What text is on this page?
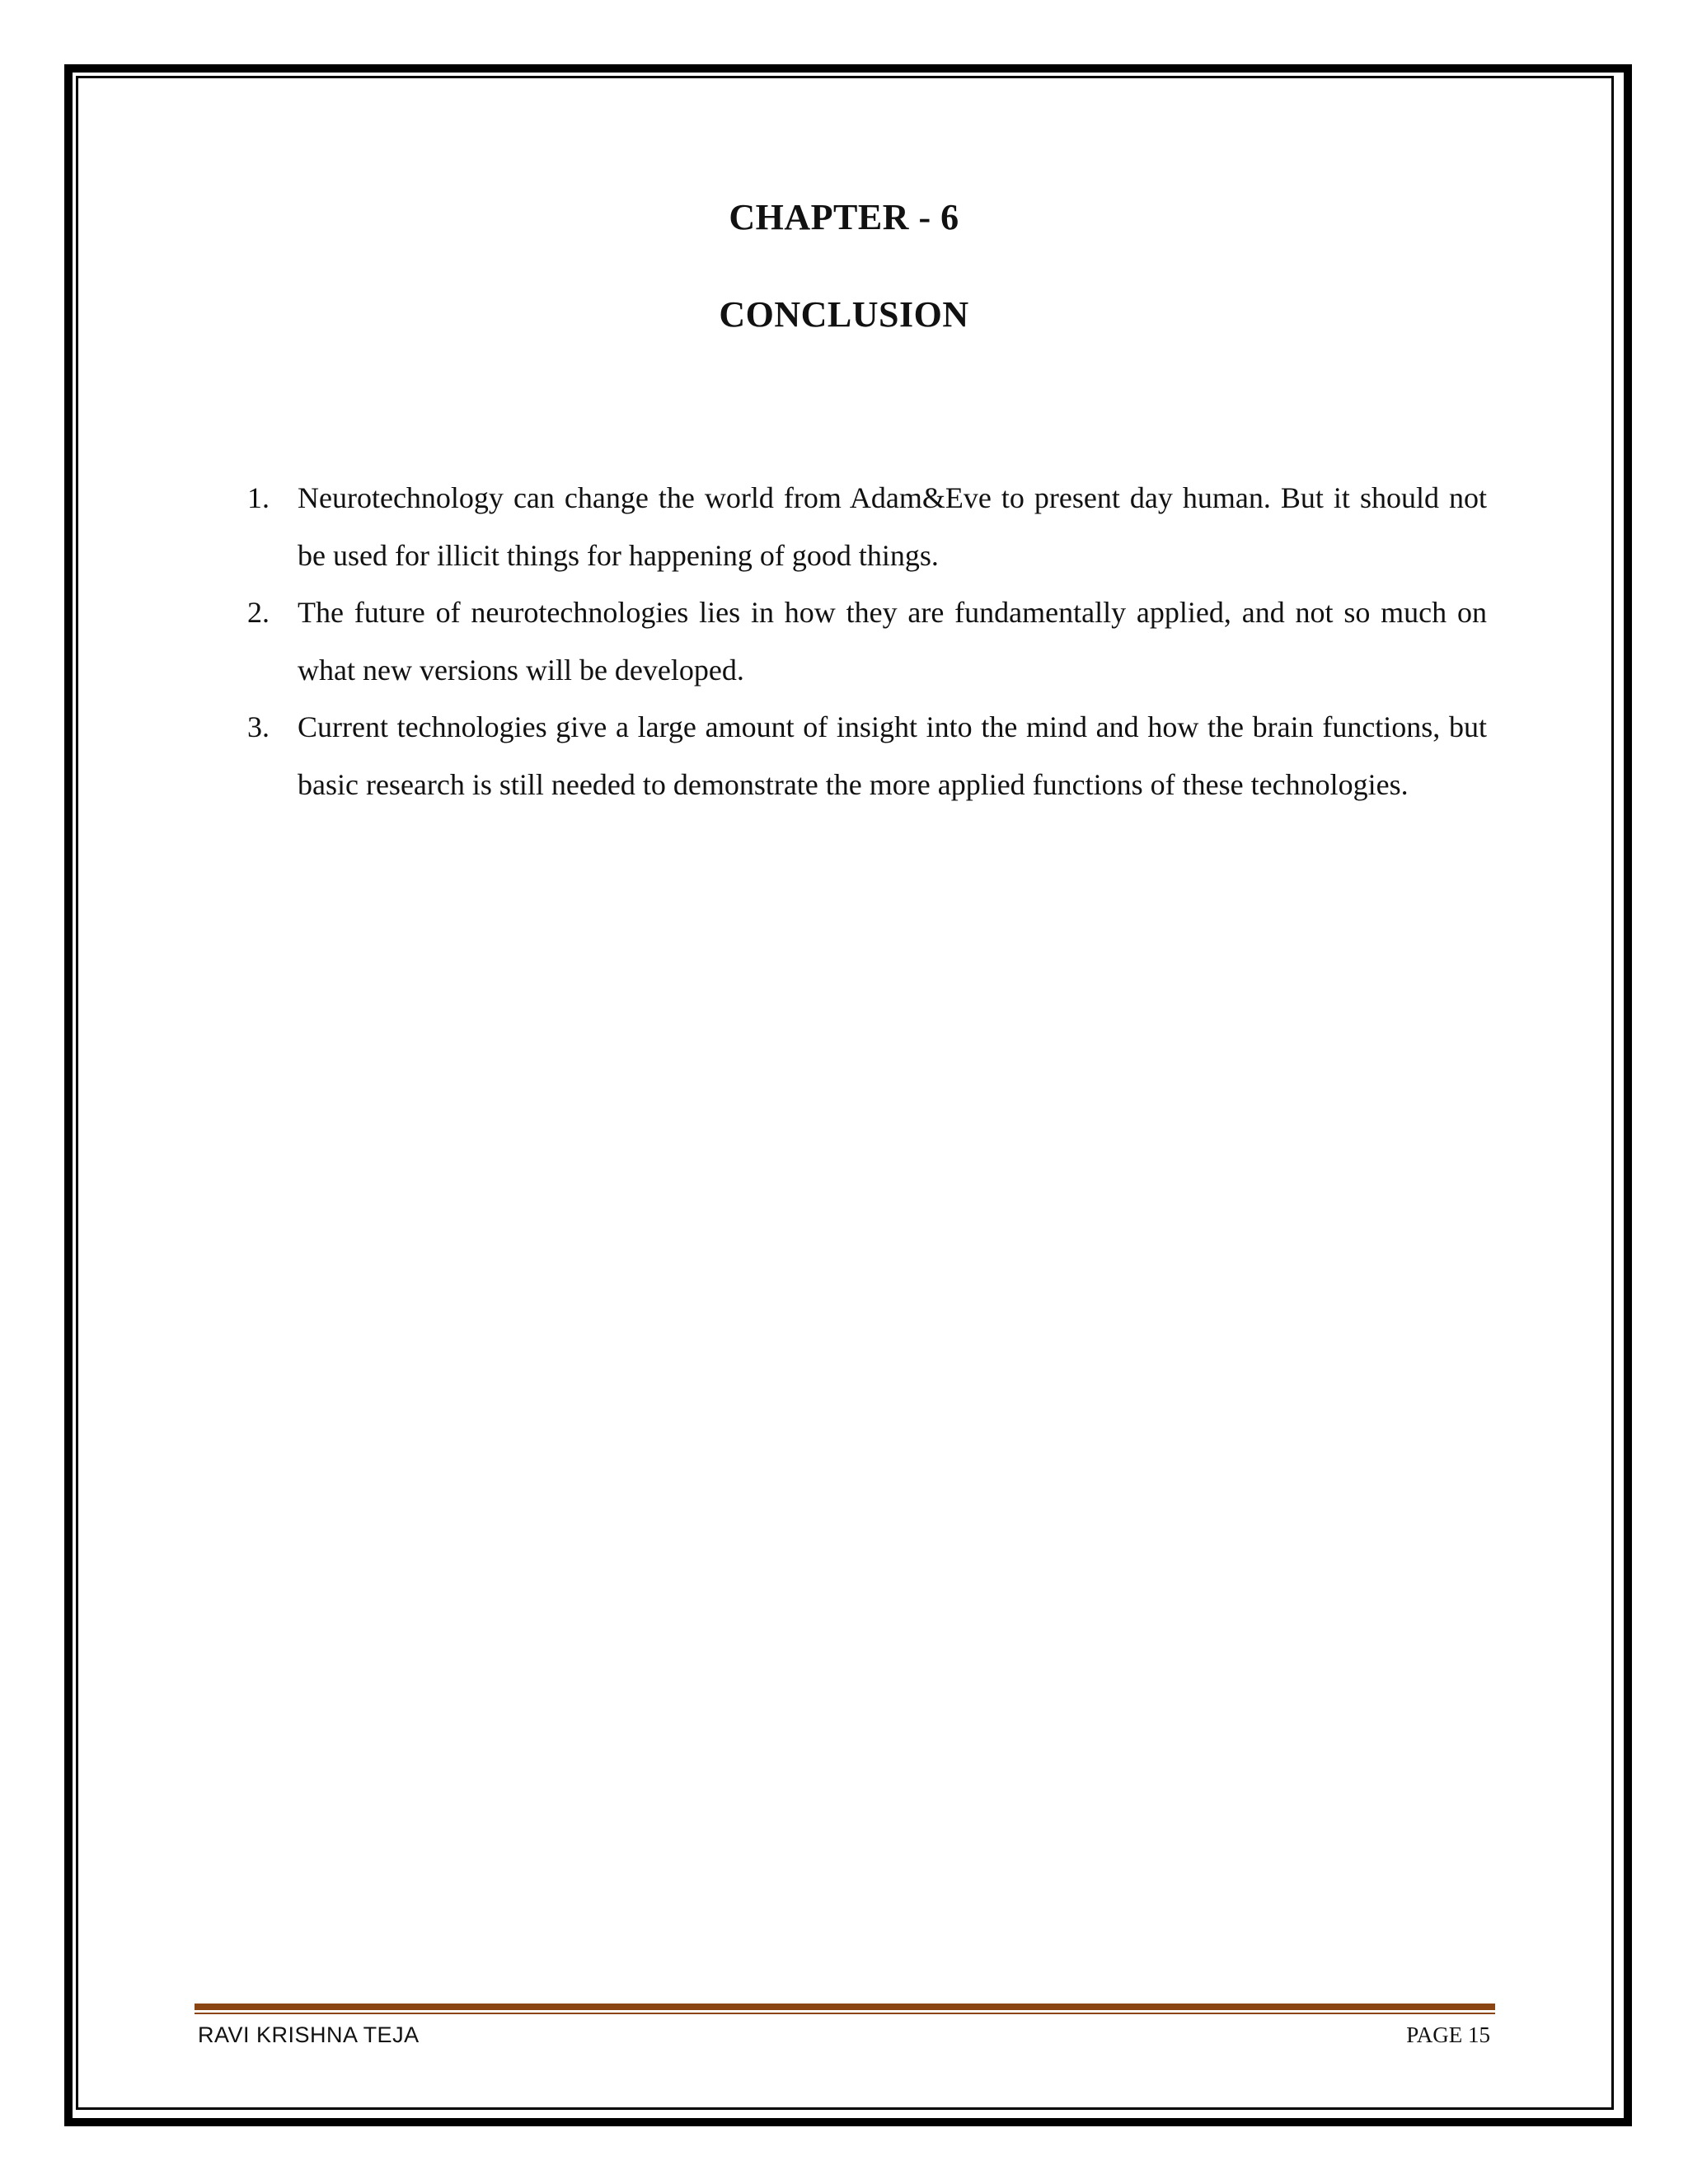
CHAPTER - 6
CONCLUSION
1. Neurotechnology can change the world from Adam&Eve to present day human. But it should not be used for illicit things for happening of good things.
2. The future of neurotechnologies lies in how they are fundamentally applied, and not so much on what new versions will be developed.
3. Current technologies give a large amount of insight into the mind and how the brain functions, but basic research is still needed to demonstrate the more applied functions of these technologies.
RAVI KRISHNA TEJA	PAGE 15
